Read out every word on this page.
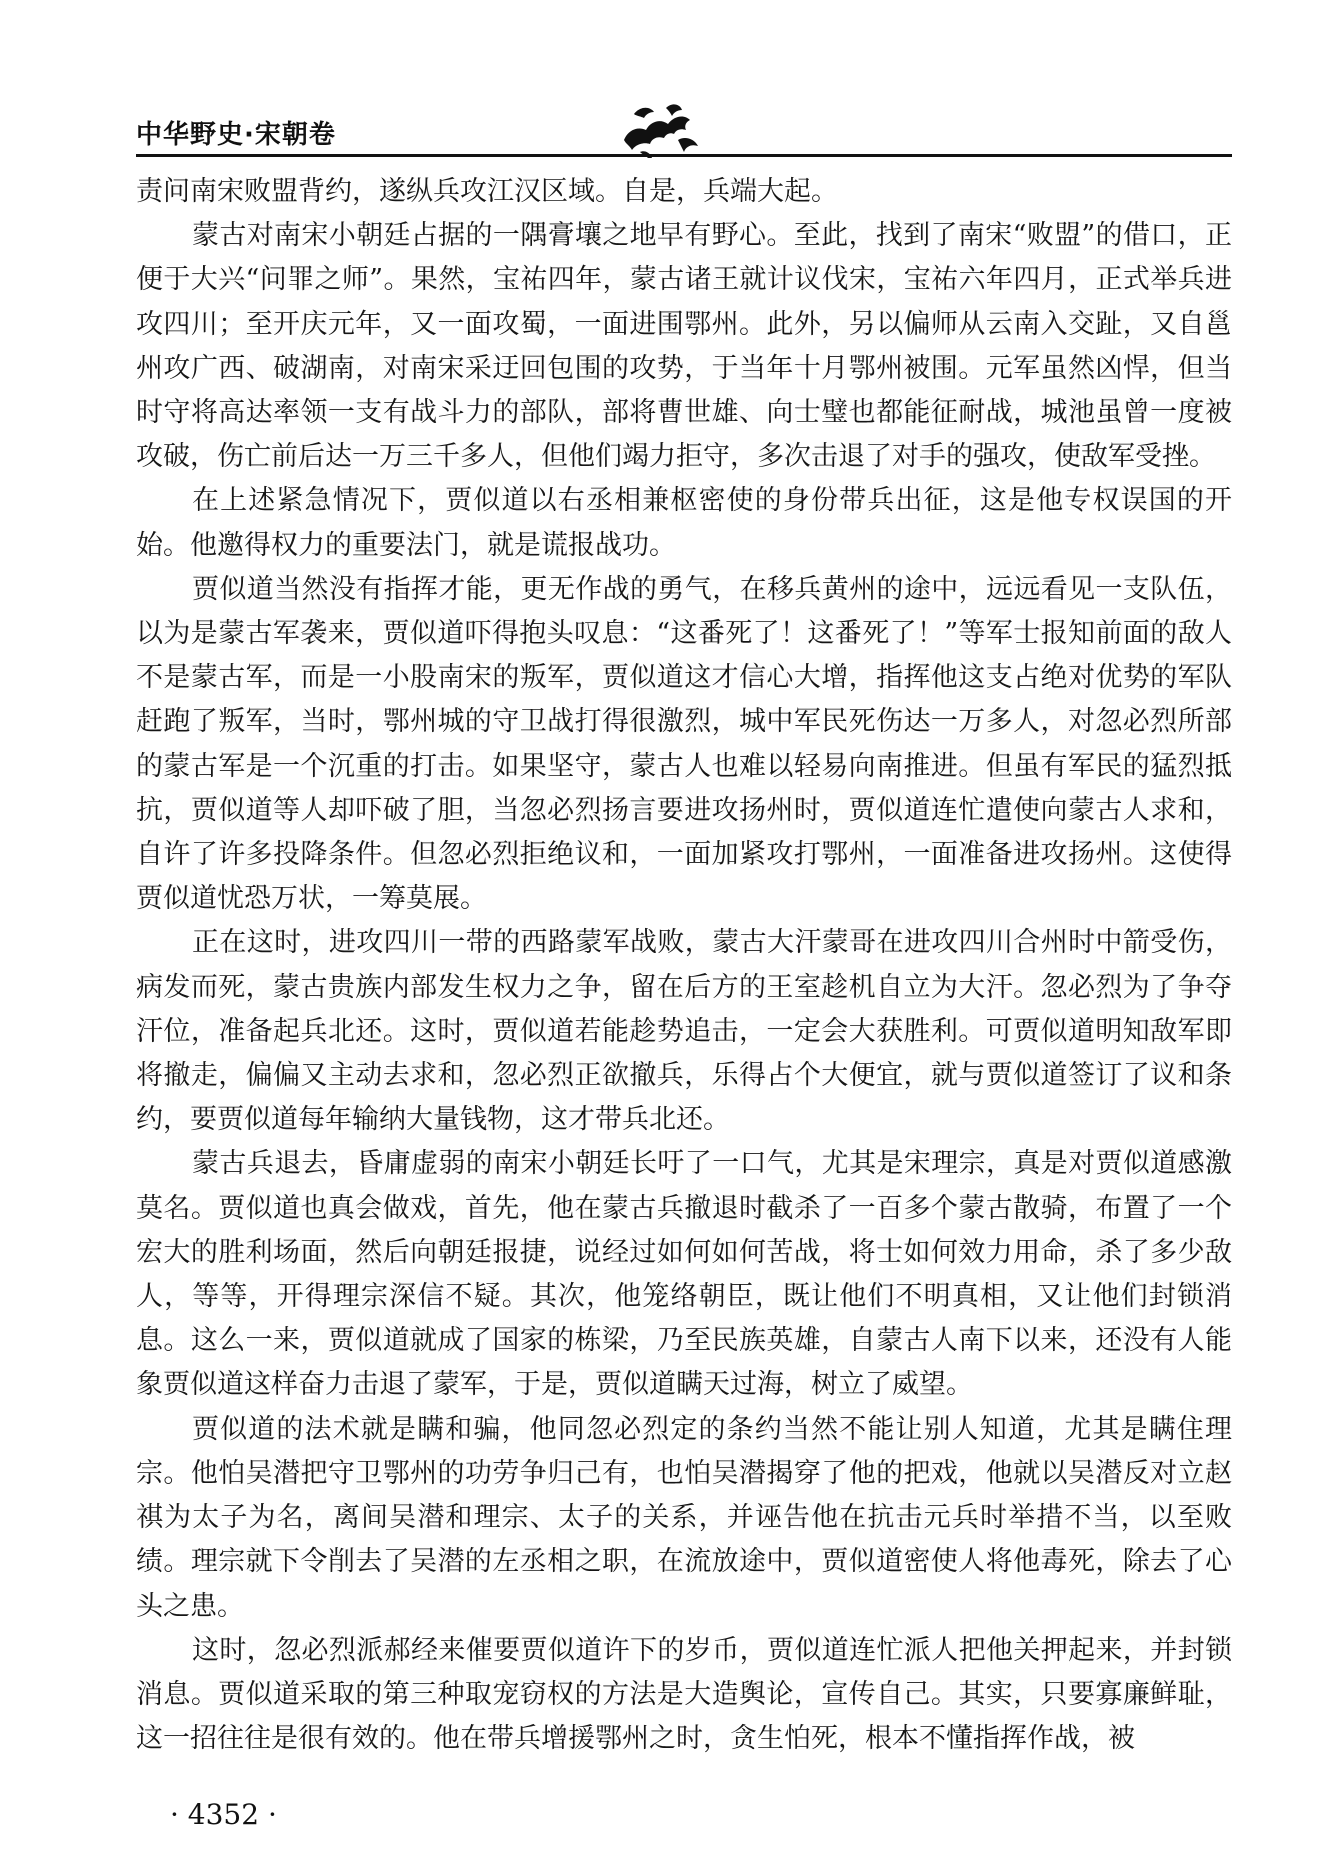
中华野史·宋朝卷

责问南宋败盟背约，遂纵兵攻江汉区域。自是，兵端大起。

蒙古对南宋小朝廷占据的一隅膏壤之地早有野心。至此，找到了南宋“败盟”的借口，正便于大兴“问罪之师”。果然，宝祐四年，蒙古诸王就计议伐宋，宝祐六年四月，正式举兵进攻四川；至开庆元年，又一面攻蜀，一面进围鄂州。此外，另以偏师从云南入交趾，又自邕州攻广西、破湖南，对南宋采迂回包围的攻势，于当年十月鄂州被围。元军虽然凶悍，但当时守将高达率领一支有战斗力的部队，部将曹世雄、向士璧也都能征耐战，城池虽曾一度被攻破，伤亡前后达一万三千多人，但他们竭力拒守，多次击退了对手的强攻，使敌军受挫。

在上述紧急情况下，贾似道以右丞相兼枢密使的身份带兵出征，这是他专权误国的开始。他邀得权力的重要法门，就是谎报战功。

贾似道当然没有指挥才能，更无作战的勇气，在移兵黄州的途中，远远看见一支队伍，以为是蒙古军袭来，贾似道吓得抱头叹息：“这番死了！这番死了！”等军士报知前面的敌人不是蒙古军，而是一小股南宋的叛军，贾似道这才信心大增，指挥他这支占绝对优势的军队赶跑了叛军，当时，鄂州城的守卫战打得很激烈，城中军民死伤达一万多人，对忽必烈所部的蒙古军是一个沉重的打击。如果坚守，蒙古人也难以轻易向南推进。但虽有军民的猛烈抵抗，贾似道等人却吓破了胆，当忽必烈扬言要进攻扬州时，贾似道连忙遣使向蒙古人求和，自许了许多投降条件。但忽必烈拒绝议和，一面加紧攻打鄂州，一面准备进攻扬州。这使得贾似道忧恐万状，一筹莫展。

正在这时，进攻四川一带的西路蒙军战败，蒙古大汗蒙哥在进攻四川合州时中箭受伤，病发而死，蒙古贵族内部发生权力之争，留在后方的王室趁机自立为大汗。忽必烈为了争夺汗位，准备起兵北还。这时，贾似道若能趁势追击，一定会大获胜利。可贾似道明知敌军即将撤走，偏偏又主动去求和，忽必烈正欲撤兵，乐得占个大便宜，就与贾似道签订了议和条约，要贾似道每年输纳大量钱物，这才带兵北还。

蒙古兵退去，昏庸虚弱的南宋小朝廷长吁了一口气，尤其是宋理宗，真是对贾似道感激莫名。贾似道也真会做戏，首先，他在蒙古兵撤退时截杀了一百多个蒙古散骑，布置了一个宏大的胜利场面，然后向朝廷报捷，说经过如何如何苦战，将士如何效力用命，杀了多少敌人，等等，开得理宗深信不疑。其次，他笼络朝臣，既让他们不明真相，又让他们封锁消息。这么一来，贾似道就成了国家的栋梁，乃至民族英雄，自蒙古人南下以来，还没有人能象贾似道这样奋力击退了蒙军，于是，贾似道瞒天过海，树立了威望。

贾似道的法术就是瞒和骗，他同忽必烈定的条约当然不能让别人知道，尤其是瞒住理宗。他怕吴潜把守卫鄂州的功劳争归己有，也怕吴潜揭穿了他的把戏，他就以吴潜反对立赵祺为太子为名，离间吴潜和理宗、太子的关系，并诬告他在抗击元兵时举措不当，以至败绩。理宗就下令削去了吴潜的左丞相之职，在流放途中，贾似道密使人将他毒死，除去了心头之患。

这时，忽必烈派郝经来催要贾似道许下的岁币，贾似道连忙派人把他关押起来，并封锁消息。贾似道采取的第三种取宠窃权的方法是大造舆论，宣传自己。其实，只要寡廉鲜耻，这一招往往是很有效的。他在带兵增援鄂州之时，贪生怕死，根本不懂指挥作战，被

· 4352 ·
